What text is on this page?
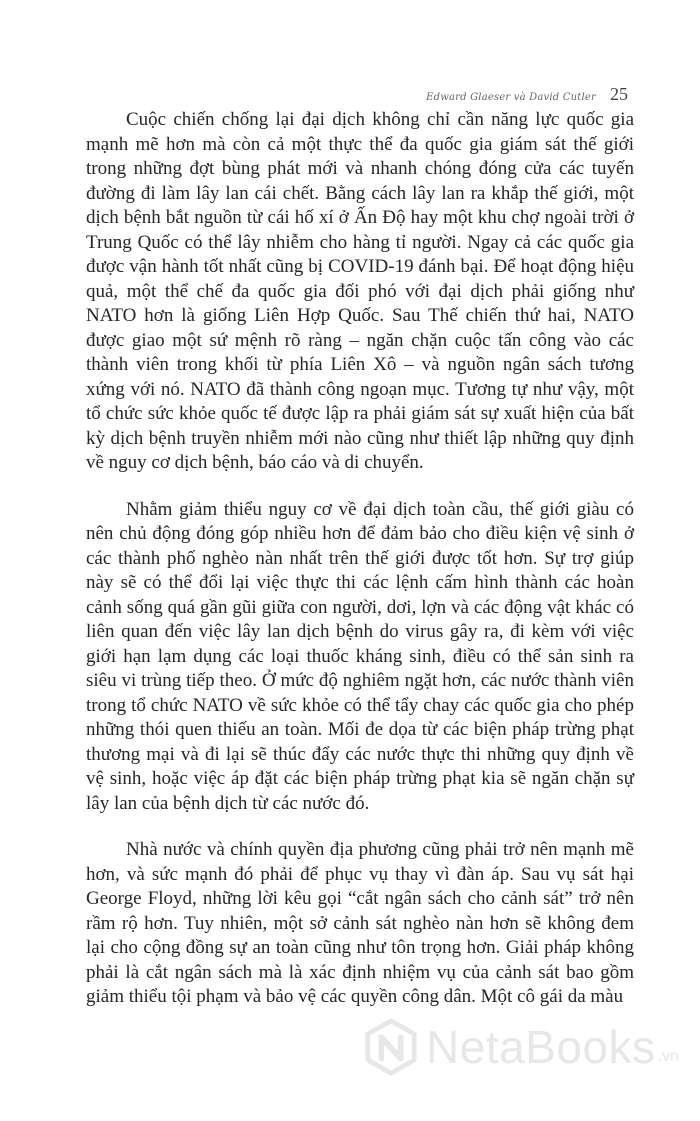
Edward Glaeser và David Cutler 25

Cuộc chiến chống lại đại dịch không chỉ cần năng lực quốc gia mạnh mẽ hơn mà còn cả một thực thể đa quốc gia giám sát thế giới trong những đợt bùng phát mới và nhanh chóng đóng cửa các tuyến đường đi làm lây lan cái chết. Bằng cách lây lan ra khắp thế giới, một dịch bệnh bắt nguồn từ cái hố xí ở Ấn Độ hay một khu chợ ngoài trời ở Trung Quốc có thể lây nhiễm cho hàng tỉ người. Ngay cả các quốc gia được vận hành tốt nhất cũng bị COVID-19 đánh bại. Để hoạt động hiệu quả, một thể chế đa quốc gia đối phó với đại dịch phải giống như NATO hơn là giống Liên Hợp Quốc. Sau Thế chiến thứ hai, NATO được giao một sứ mệnh rõ ràng – ngăn chặn cuộc tấn công vào các thành viên trong khối từ phía Liên Xô – và nguồn ngân sách tương xứng với nó. NATO đã thành công ngoạn mục. Tương tự như vậy, một tổ chức sức khỏe quốc tế được lập ra phải giám sát sự xuất hiện của bất kỳ dịch bệnh truyền nhiễm mới nào cũng như thiết lập những quy định về nguy cơ dịch bệnh, báo cáo và di chuyển.

Nhằm giảm thiểu nguy cơ về đại dịch toàn cầu, thế giới giàu có nên chủ động đóng góp nhiều hơn để đảm bảo cho điều kiện vệ sinh ở các thành phố nghèo nàn nhất trên thế giới được tốt hơn. Sự trợ giúp này sẽ có thể đổi lại việc thực thi các lệnh cấm hình thành các hoàn cảnh sống quá gần gũi giữa con người, dơi, lợn và các động vật khác có liên quan đến việc lây lan dịch bệnh do virus gây ra, đi kèm với việc giới hạn lạm dụng các loại thuốc kháng sinh, điều có thể sản sinh ra siêu vi trùng tiếp theo. Ở mức độ nghiêm ngặt hơn, các nước thành viên trong tổ chức NATO về sức khỏe có thể tẩy chay các quốc gia cho phép những thói quen thiếu an toàn. Mối đe dọa từ các biện pháp trừng phạt thương mại và đi lại sẽ thúc đẩy các nước thực thi những quy định về vệ sinh, hoặc việc áp đặt các biện pháp trừng phạt kia sẽ ngăn chặn sự lây lan của bệnh dịch từ các nước đó.

Nhà nước và chính quyền địa phương cũng phải trở nên mạnh mẽ hơn, và sức mạnh đó phải để phục vụ thay vì đàn áp. Sau vụ sát hại George Floyd, những lời kêu gọi “cắt ngân sách cho cảnh sát” trở nên rầm rộ hơn. Tuy nhiên, một sở cảnh sát nghèo nàn hơn sẽ không đem lại cho cộng đồng sự an toàn cũng như tôn trọng hơn. Giải pháp không phải là cắt ngân sách mà là xác định nhiệm vụ của cảnh sát bao gồm giảm thiểu tội phạm và bảo vệ các quyền công dân. Một cô gái da màu

NetaBooks .vn
